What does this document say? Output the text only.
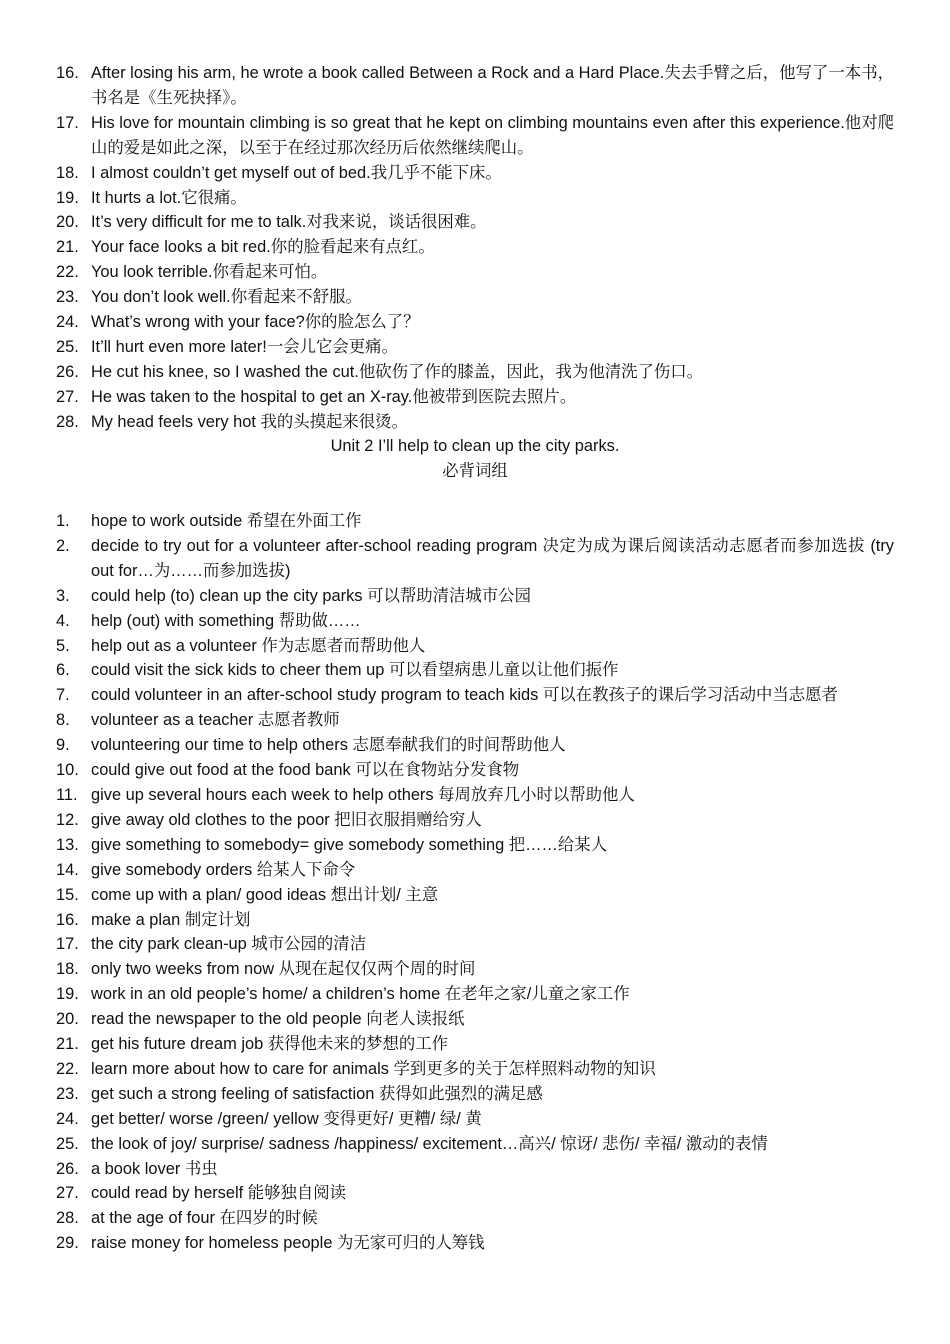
16. After losing his arm, he wrote a book called Between a Rock and a Hard Place.失去手臂之后，他写了一本书，书名是《生死抉择》。
17. His love for mountain climbing is so great that he kept on climbing mountains even after this experience.他对爬山的爱是如此之深，以至于在经过那次经历后依然继续爬山。
18. I almost couldn’t get myself out of bed.我几乎不能下床。
19. It hurts a lot.它很痛。
20. It’s very difficult for me to talk.对我来说，谈话很困难。
21. Your face looks a bit red.你的脸看起来有点红。
22. You look terrible.你看起来可怕。
23. You don’t look well.你看起来不舒服。
24. What’s wrong with your face?你的脸怎么了？
25. It’ll hurt even more later!一会儿它会更痛。
26. He cut his knee, so I washed the cut.他砍伤了作的膝盖，因此，我为他清洗了伤口。
27. He was taken to the hospital to get an X-ray.他被带到医院去照片。
28. My head feels very hot 我的头摸起来很烫。
Unit 2 I’ll help to clean up the city parks.
必背词组
1.	hope to work outside 希望在外面工作
2.	decide to try out for a volunteer after-school reading program 决定为成为课后阅读活动志愿者而参加选拔 (try out for…为……而参加选拔)
3.	could help (to) clean up the city parks 可以帮助清洁城市公园
4.	help (out) with something 帮助做……
5.	help out as a volunteer 作为志愿者而帮助他人
6.	could visit the sick kids to cheer them up 可以看望病患儿童以让他们振作
7.	could volunteer in an after-school study program to teach kids 可以在教孩子的课后学习活动中当志愿者
8.	volunteer as a teacher 志愿者教师
9.	volunteering our time to help others 志愿奉献我们的时间帮助他人
10. could give out food at the food bank 可以在食物站分发食物
11. give up several hours each week to help others 每周放弃几小时以帮助他人
12. give away old clothes to the poor 把旧衣服捐赠给穷人
13. give something to somebody= give somebody something 把……给某人
14. give somebody orders 给某人下命令
15. come up with a plan/ good ideas 想出计划/ 主意
16. make a plan 制定计划
17. the city park clean-up 城市公园的清洁
18. only two weeks from now 从现在起仅仅两个周的时间
19. work in an old people’s home/ a children’s home 在老年之家/儿童之家工作
20. read the newspaper to the old people 向老人读报纸
21. get his future dream job 获得他未来的梦想的工作
22. learn more about how to care for animals 学到更多的关于怎样照料动物的知识
23. get such a strong feeling of satisfaction 获得如此强烈的满足感
24. get better/ worse /green/ yellow 变得更好/ 更糟/ 绿/ 黄
25. the look of joy/ surprise/ sadness /happiness/ excitement…高兴/ 惊讶/ 悲伤/ 幸福/ 激动的表情
26. a book lover 书虫
27. could read by herself 能够独自阅读
28. at the age of four 在四岁的时候
29. raise money for homeless people 为无家可归的人筹钱
